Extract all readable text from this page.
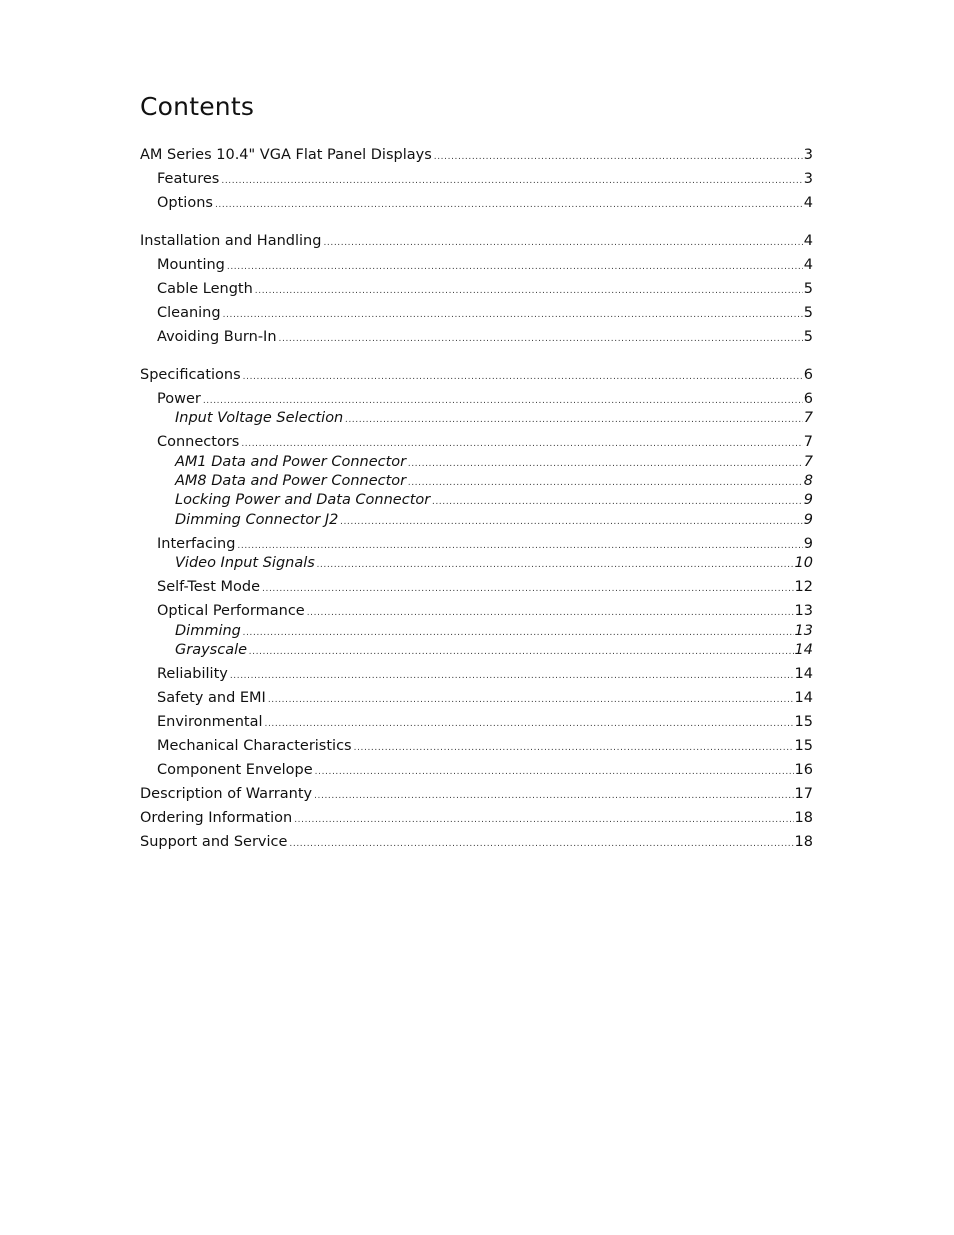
Contents
AM Series 10.4" VGA Flat Panel Displays .....	3
Features .....	3
Options .....	4
Installation and Handling .....	4
Mounting .....	4
Cable Length .....	5
Cleaning .....	5
Avoiding Burn-In .....	5
Specifications .....	6
Power .....	6
Input Voltage Selection .....	7
Connectors .....	7
AM1 Data and Power Connector .....	7
AM8 Data and Power Connector .....	8
Locking Power and Data Connector .....	9
Dimming Connector J2 .....	9
Interfacing .....	9
Video Input Signals .....	10
Self-Test Mode .....	12
Optical Performance .....	13
Dimming .....	13
Grayscale .....	14
Reliability .....	14
Safety and EMI .....	14
Environmental .....	15
Mechanical Characteristics .....	15
Component Envelope .....	16
Description of Warranty .....	17
Ordering Information .....	18
Support and Service .....	18
